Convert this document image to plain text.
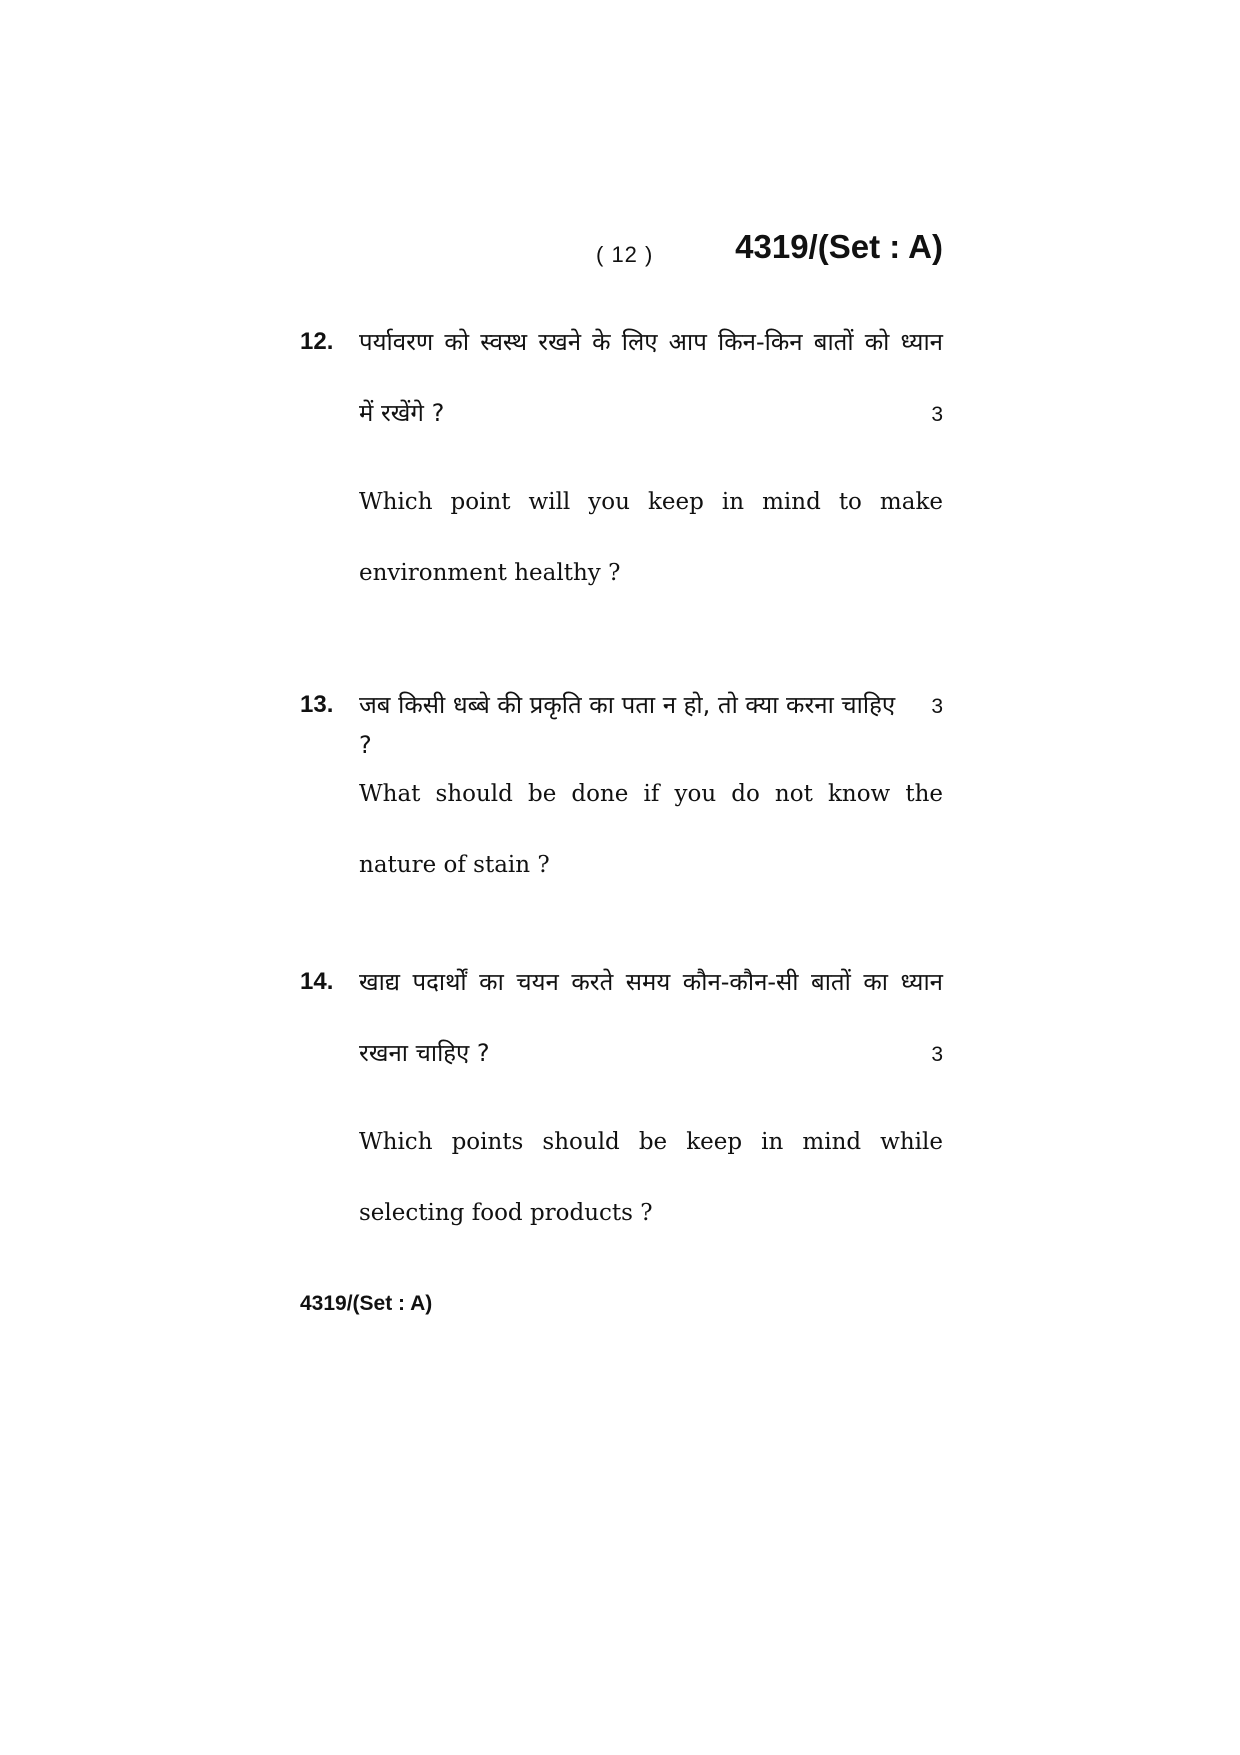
( 12 ) 4319/(Set : A)
12. पर्यावरण को स्वस्थ रखने के लिए आप किन-किन बातों को ध्यान
में रखेंगे ?	3
Which point will you keep in mind to make
environment healthy ?
13. जब किसी धब्बे की प्रकृति का पता न हो, तो क्या करना चाहिए ?
3
What should be done if you do not know the
nature of stain ?
14. खाद्य पदार्थों का चयन करते समय कौन-कौन-सी बातों का ध्यान
रखना चाहिए ?	3
Which points should be keep in mind while
selecting food products ?
4319/(Set : A)
